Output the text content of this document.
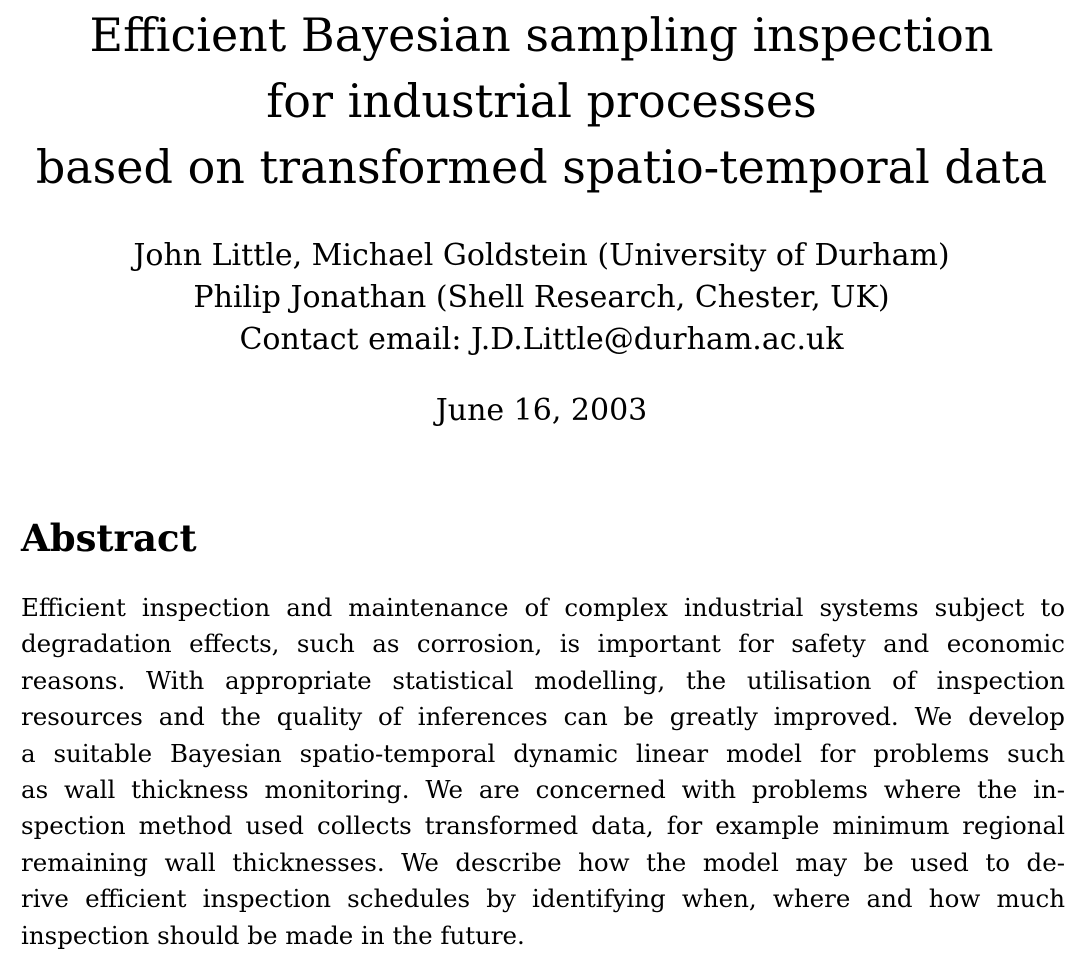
Efficient Bayesian sampling inspection
for industrial processes
based on transformed spatio-temporal data
John Little, Michael Goldstein (University of Durham)
Philip Jonathan (Shell Research, Chester, UK)
Contact email: J.D.Little@durham.ac.uk
June 16, 2003
Abstract
Efficient inspection and maintenance of complex industrial systems subject to
degradation effects, such as corrosion, is important for safety and economic
reasons. With appropriate statistical modelling, the utilisation of inspection
resources and the quality of inferences can be greatly improved. We develop
a suitable Bayesian spatio-temporal dynamic linear model for problems such
as wall thickness monitoring. We are concerned with problems where the in-
spection method used collects transformed data, for example minimum regional
remaining wall thicknesses. We describe how the model may be used to de-
rive efficient inspection schedules by identifying when, where and how much
inspection should be made in the future.
